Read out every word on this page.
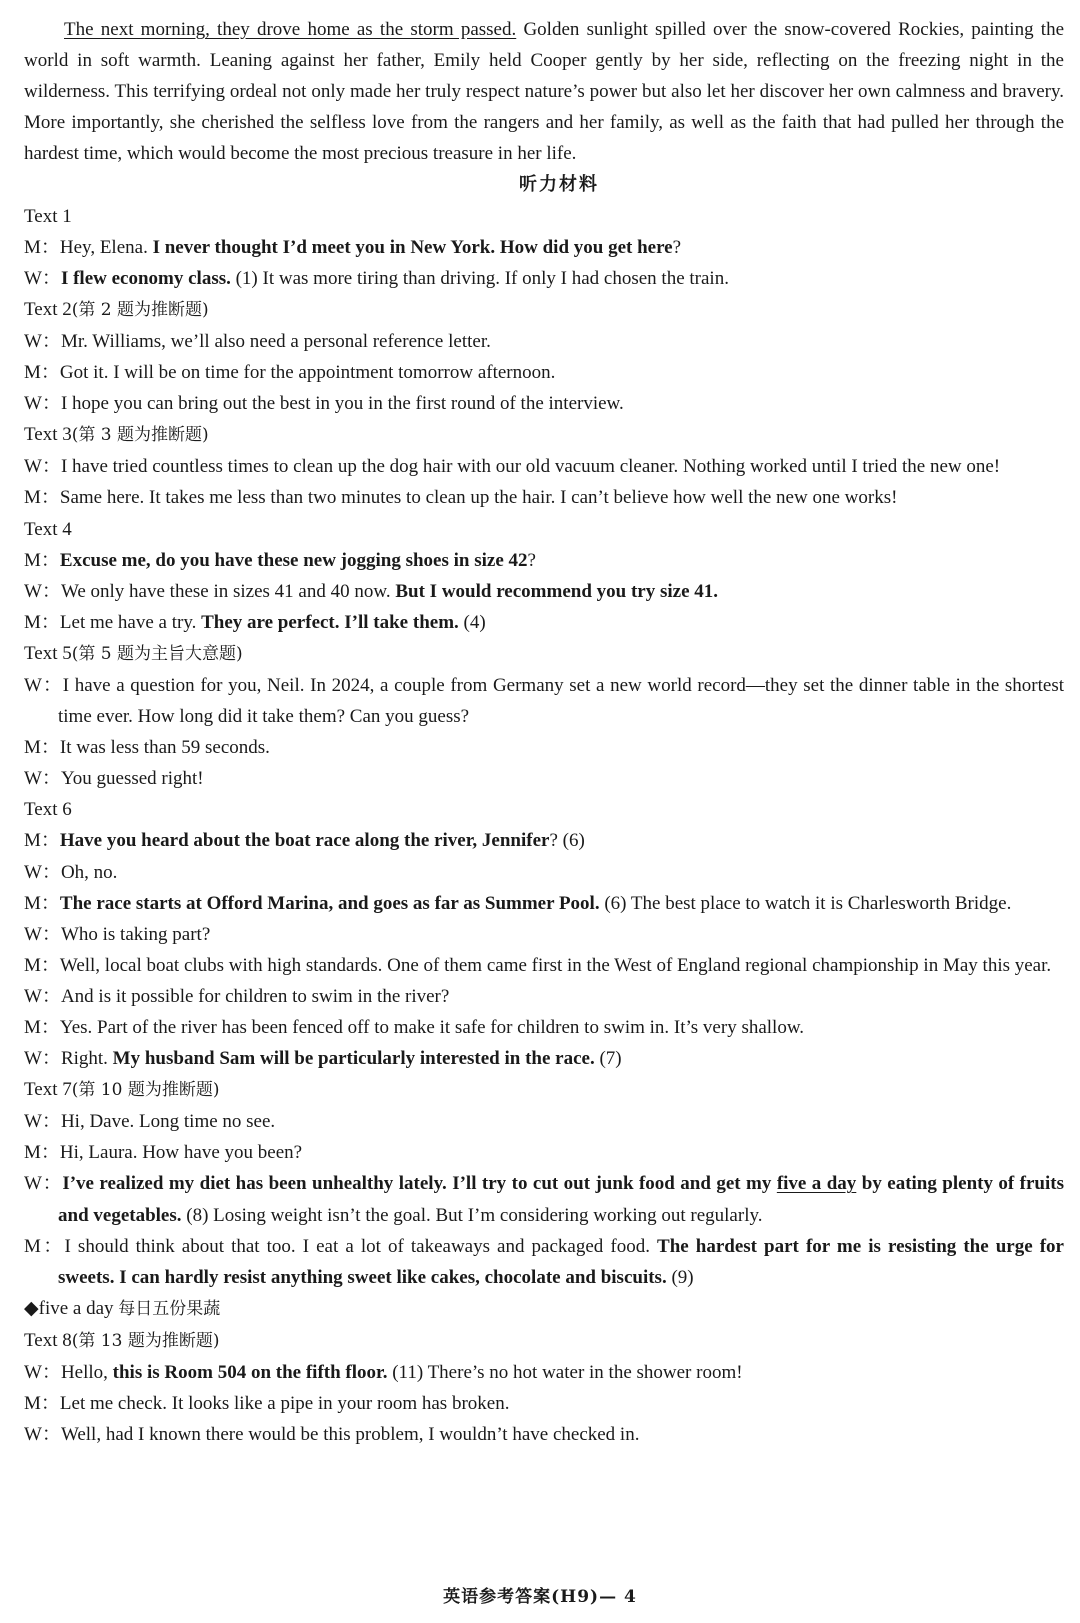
The next morning, they drove home as the storm passed. Golden sunlight spilled over the snow-covered Rockies, painting the world in soft warmth. Leaning against her father, Emily held Cooper gently by her side, reflecting on the freezing night in the wilderness. This terrifying ordeal not only made her truly respect nature’s power but also let her discover her own calmness and bravery. More importantly, she cherished the selfless love from the rangers and her family, as well as the faith that had pulled her through the hardest time, which would become the most precious treasure in her life.

听力材料
Text 1
M：Hey, Elena. I never thought I’d meet you in New York. How did you get here?
W：I flew economy class. (1) It was more tiring than driving. If only I had chosen the train.
Text 2(第 2 题为推断题)
W：Mr. Williams, we’ll also need a personal reference letter.
M：Got it. I will be on time for the appointment tomorrow afternoon.
W：I hope you can bring out the best in you in the first round of the interview.
Text 3(第 3 题为推断题)
W：I have tried countless times to clean up the dog hair with our old vacuum cleaner. Nothing worked until I tried the new one!
M：Same here. It takes me less than two minutes to clean up the hair. I can’t believe how well the new one works!
Text 4
M：Excuse me, do you have these new jogging shoes in size 42?
W：We only have these in sizes 41 and 40 now. But I would recommend you try size 41.
M：Let me have a try. They are perfect. I’ll take them. (4)
Text 5(第 5 题为主旨大意题)
W：I have a question for you, Neil. In 2024, a couple from Germany set a new world record—they set the dinner table in the shortest time ever. How long did it take them? Can you guess?
M：It was less than 59 seconds.
W：You guessed right!
Text 6
M：Have you heard about the boat race along the river, Jennifer? (6)
W：Oh, no.
M：The race starts at Offord Marina, and goes as far as Summer Pool. (6) The best place to watch it is Charlesworth Bridge.
W：Who is taking part?
M：Well, local boat clubs with high standards. One of them came first in the West of England regional championship in May this year.
W：And is it possible for children to swim in the river?
M：Yes. Part of the river has been fenced off to make it safe for children to swim in. It’s very shallow.
W：Right. My husband Sam will be particularly interested in the race. (7)
Text 7(第 10 题为推断题)
W：Hi, Dave. Long time no see.
M：Hi, Laura. How have you been?
W：I’ve realized my diet has been unhealthy lately. I’ll try to cut out junk food and get my five a day by eating plenty of fruits and vegetables. (8) Losing weight isn’t the goal. But I’m considering working out regularly.
M：I should think about that too. I eat a lot of takeaways and packaged food. The hardest part for me is resisting the urge for sweets. I can hardly resist anything sweet like cakes, chocolate and biscuits. (9)
◆five a day 每日五份果蔬
Text 8(第 13 题为推断题)
W：Hello, this is Room 504 on the fifth floor. (11) There’s no hot water in the shower room!
M：Let me check. It looks like a pipe in your room has broken.
W：Well, had I known there would be this problem, I wouldn’t have checked in.
英语参考答案(H9)— 4
